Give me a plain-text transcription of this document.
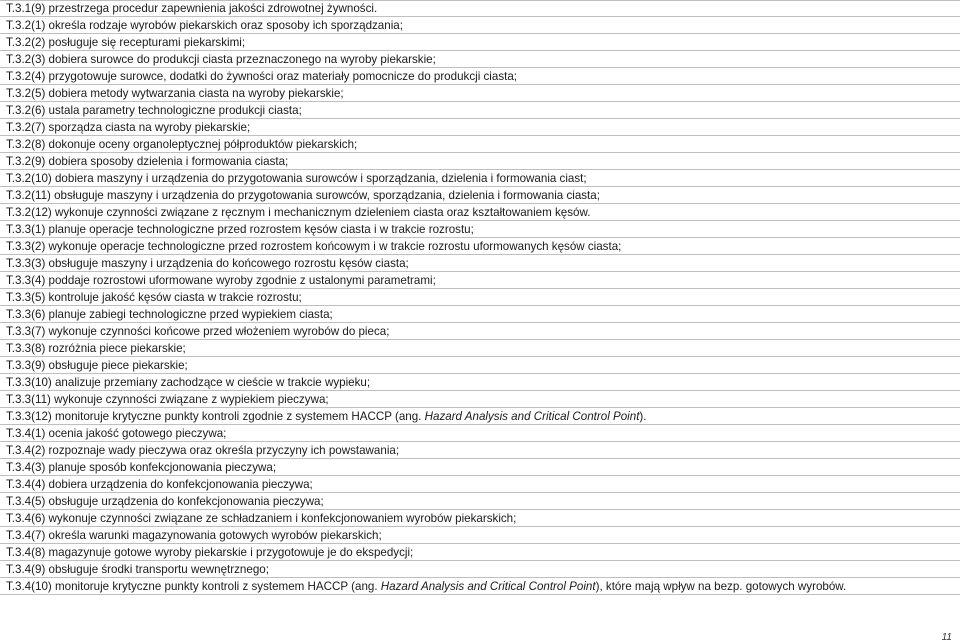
T.3.1(9) przestrzega procedur zapewnienia jakości zdrowotnej żywności.
T.3.2(1) określa rodzaje wyrobów piekarskich oraz sposoby ich sporządzania;
T.3.2(2) posługuje się recepturami piekarskimi;
T.3.2(3) dobiera surowce do produkcji ciasta przeznaczonego na wyroby piekarskie;
T.3.2(4) przygotowuje surowce, dodatki do żywności oraz materiały pomocnicze do produkcji ciasta;
T.3.2(5) dobiera metody wytwarzania ciasta na wyroby piekarskie;
T.3.2(6) ustala parametry technologiczne produkcji ciasta;
T.3.2(7) sporządza ciasta na wyroby piekarskie;
T.3.2(8) dokonuje oceny organoleptycznej półproduktów piekarskich;
T.3.2(9) dobiera sposoby dzielenia i formowania ciasta;
T.3.2(10) dobiera maszyny i urządzenia do przygotowania surowców i sporządzania, dzielenia i formowania ciast;
T.3.2(11) obsługuje maszyny i urządzenia do przygotowania surowców, sporządzania, dzielenia i formowania ciasta;
T.3.2(12) wykonuje czynności związane z ręcznym i mechanicznym dzieleniem ciasta oraz kształtowaniem kęsów.
T.3.3(1) planuje operacje technologiczne przed rozrostem kęsów ciasta i w trakcie rozrostu;
T.3.3(2) wykonuje operacje technologiczne przed rozrostem końcowym i w trakcie rozrostu uformowanych kęsów ciasta;
T.3.3(3) obsługuje maszyny i urządzenia do końcowego rozrostu kęsów ciasta;
T.3.3(4) poddaje rozrostowi uformowane wyroby zgodnie z ustalonymi parametrami;
T.3.3(5) kontroluje jakość kęsów ciasta w trakcie rozrostu;
T.3.3(6) planuje zabiegi technologiczne przed wypiekiem ciasta;
T.3.3(7) wykonuje czynności końcowe przed włożeniem wyrobów do pieca;
T.3.3(8) rozróżnia piece piekarskie;
T.3.3(9) obsługuje piece piekarskie;
T.3.3(10) analizuje przemiany zachodzące w cieście w trakcie wypieku;
T.3.3(11) wykonuje czynności związane z wypiekiem pieczywa;
T.3.3(12) monitoruje krytyczne punkty kontroli zgodnie z systemem HACCP (ang. Hazard Analysis and Critical Control Point).
T.3.4(1) ocenia jakość gotowego pieczywa;
T.3.4(2) rozpoznaje wady pieczywa oraz określa przyczyny ich powstawania;
T.3.4(3) planuje sposób konfekcjonowania pieczywa;
T.3.4(4) dobiera urządzenia do konfekcjonowania pieczywa;
T.3.4(5) obsługuje urządzenia do konfekcjonowania pieczywa;
T.3.4(6) wykonuje czynności związane ze schładzaniem i konfekcjonowaniem wyrobów piekarskich;
T.3.4(7) określa warunki magazynowania gotowych wyrobów piekarskich;
T.3.4(8) magazynuje gotowe wyroby piekarskie i przygotowuje je do ekspedycji;
T.3.4(9) obsługuje środki transportu wewnętrznego;
T.3.4(10) monitoruje krytyczne punkty kontroli z systemem HACCP (ang. Hazard Analysis and Critical Control Point), które mają wpływ na bezp. gotowych wyrobów.
11
